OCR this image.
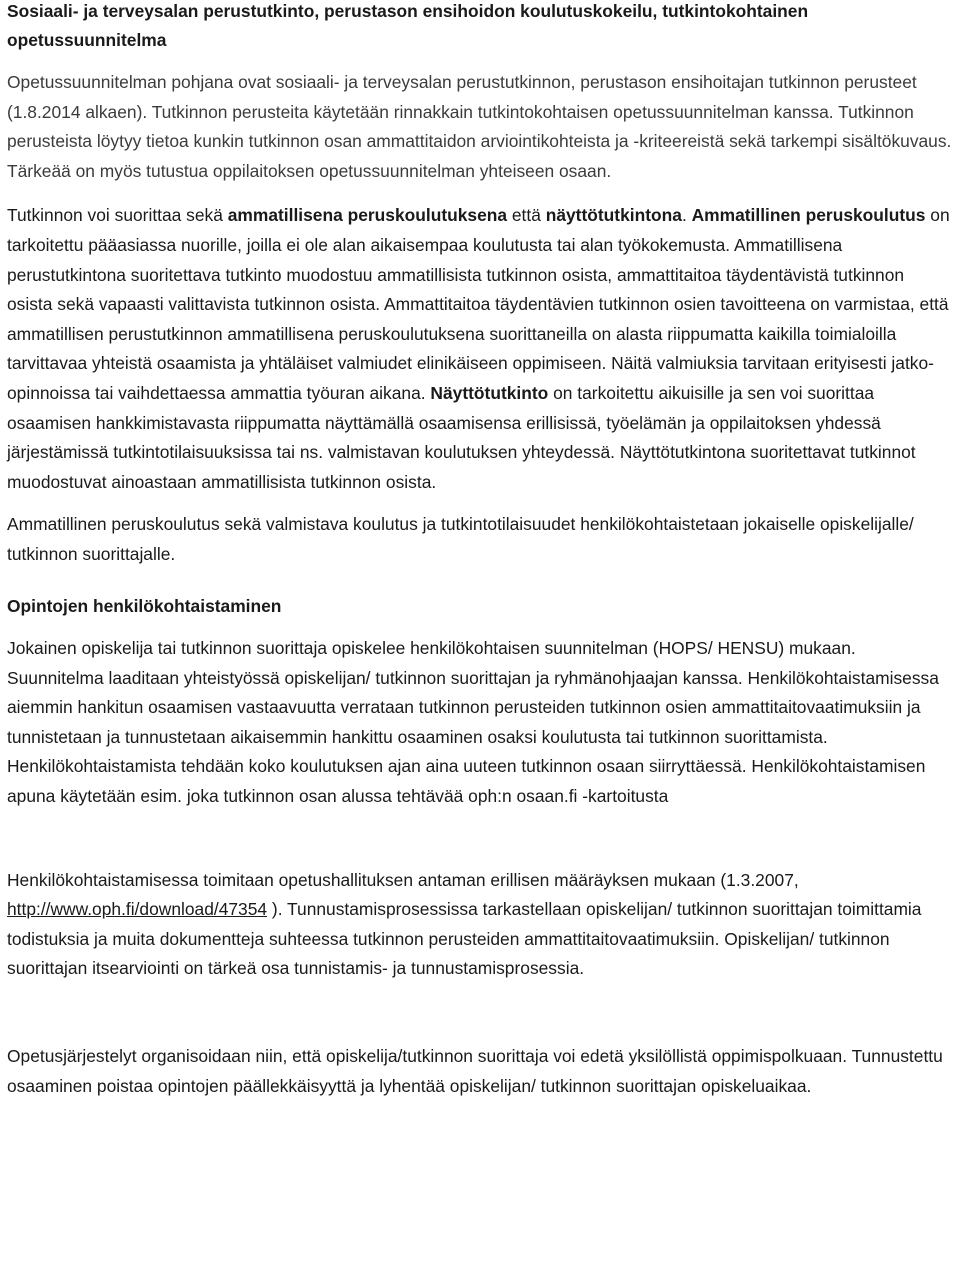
Sosiaali- ja terveysalan perustutkinto, perustason ensihoidon koulutuskokeilu, tutkintokohtainen opetussuunnitelma

Opetussuunnitelman pohjana ovat sosiaali- ja terveysalan perustutkinnon, perustason ensihoitajan tutkinnon perusteet (1.8.2014 alkaen). Tutkinnon perusteita käytetään rinnakkain tutkintokohtaisen opetussuunnitelman kanssa. Tutkinnon perusteista löytyy tietoa kunkin tutkinnon osan ammattitaidon arviointikohteista ja -kriteereistä sekä tarkempi sisältökuvaus. Tärkeää on myös tutustua oppilaitoksen opetussuunnitelman yhteiseen osaan.

Tutkinnon voi suorittaa sekä ammatillisena peruskoulutuksena että näyttötutkintona. Ammatillinen peruskoulutus on tarkoitettu pääasiassa nuorille, joilla ei ole alan aikaisempaa koulutusta tai alan työkokemusta. Ammatillisena perustutkintona suoritettava tutkinto muodostuu ammatillisista tutkinnon osista, ammattitaitoa täydentävistä tutkinnon osista sekä vapaasti valittavista tutkinnon osista. Ammattitaitoa täydentävien tutkinnon osien tavoitteena on varmistaa, että ammatillisen perustutkinnon ammatillisena peruskoulutuksena suorittaneilla on alasta riippumatta kaikilla toimialoilla tarvittavaa yhteistä osaamista ja yhtäläiset valmiudet elinikäiseen oppimiseen. Näitä valmiuksia tarvitaan erityisesti jatko-opinnoissa tai vaihdettaessa ammattia työuran aikana. Näyttötutkinto on tarkoitettu aikuisille ja sen voi suorittaa osaamisen hankkimistavasta riippumatta näyttämällä osaamisensa erillisissä, työelämän ja oppilaitoksen yhdessä järjestämissä tutkintotilaisuuksissa tai ns. valmistavan koulutuksen yhteydessä. Näyttötutkintona suoritettavat tutkinnot muodostuvat ainoastaan ammatillisista tutkinnon osista.

Ammatillinen peruskoulutus sekä valmistava koulutus ja tutkintotilaisuudet henkilökohtaistetaan jokaiselle opiskelijalle/ tutkinnon suorittajalle.

Opintojen henkilökohtaistaminen

Jokainen opiskelija tai tutkinnon suorittaja opiskelee henkilökohtaisen suunnitelman (HOPS/ HENSU) mukaan. Suunnitelma laaditaan yhteistyössä opiskelijan/ tutkinnon suorittajan ja ryhmänohjaajan kanssa. Henkilökohtaistamisessa aiemmin hankitun osaamisen vastaavuutta verrataan tutkinnon perusteiden tutkinnon osien ammattitaitovaatimuksiin ja tunnistetaan ja tunnustetaan aikaisemmin hankittu osaaminen osaksi koulutusta tai tutkinnon suorittamista. Henkilökohtaistamista tehdään koko koulutuksen ajan aina uuteen tutkinnon osaan siirryttäessä. Henkilökohtaistamisen apuna käytetään esim. joka tutkinnon osan alussa tehtävää oph:n osaan.fi -kartoitusta

Henkilökohtaistamisessa toimitaan opetushallituksen antaman erillisen määräyksen mukaan (1.3.2007, http://www.oph.fi/download/47354 ). Tunnustamisprosessissa tarkastellaan opiskelijan/ tutkinnon suorittajan toimittamia todistuksia ja muita dokumentteja suhteessa tutkinnon perusteiden ammattitaitovaatimuksiin. Opiskelijan/ tutkinnon suorittajan itsearviointi on tärkeä osa tunnistamis- ja tunnustamisprosessia.

Opetusjärjestelyt organisoidaan niin, että opiskelija/tutkinnon suorittaja voi edetä yksilöllistä oppimispolkuaan. Tunnustettu osaaminen poistaa opintojen päällekkäisyyttä ja lyhentää opiskelijan/ tutkinnon suorittajan opiskeluaikaa.
